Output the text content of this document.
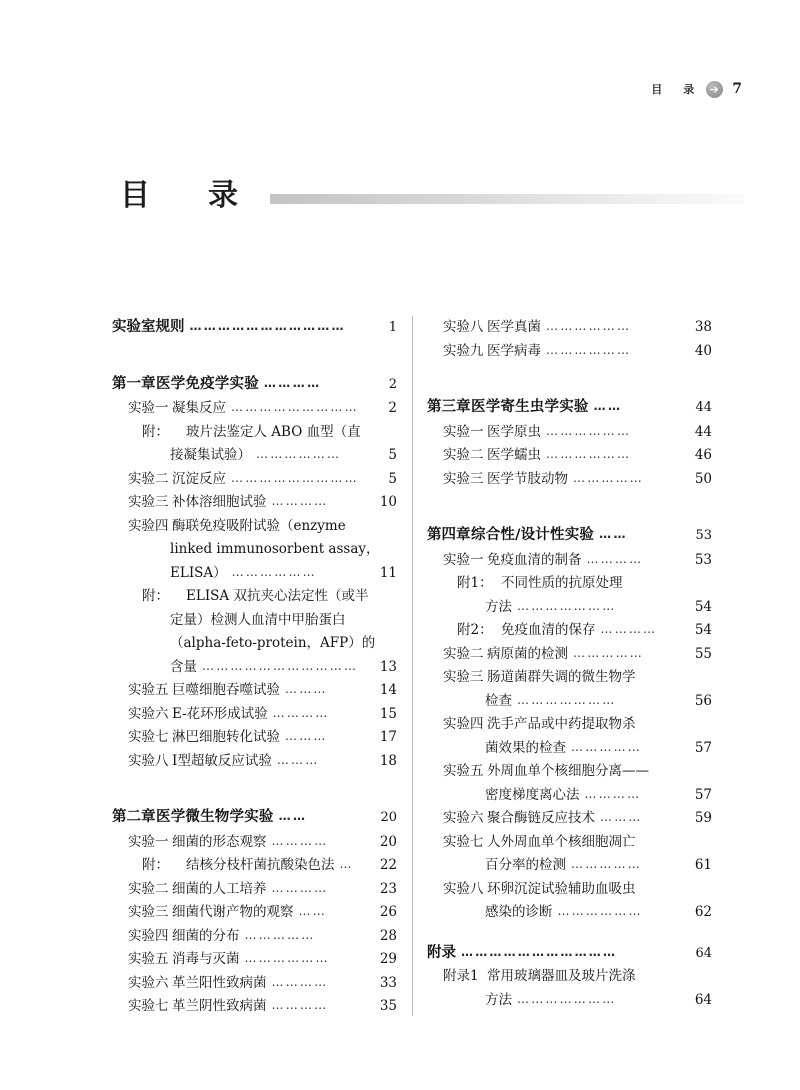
目　录 7
目　录
实验室规则 ……………………………	1
第一章 医学免疫学实验 …………	2
实验一 凝集反应 ………………………	2
附：	玻片法鉴定人 ABO 血型（直
接凝集试验） ………………	5
实验二 沉淀反应 ………………………	5
实验三 补体溶细胞试验 …………	10
实验四 酶联免疫吸附试验（enzyme
linked immunosorbent assay，
ELISA） ………………	11
附：	ELISA 双抗夹心法定性（或半
定量）检测人血清中甲胎蛋白
（alpha-feto-protein，AFP）的
含量 ……………………………	13
实验五 巨噬细胞吞噬试验 ………	14
实验六 E-花环形成试验 …………	15
实验七 淋巴细胞转化试验 ………	17
实验八 Ⅰ型超敏反应试验 ………	18
第二章 医学微生物学实验 ……	20
实验一 细菌的形态观察 …………	20
附：	结核分枝杆菌抗酸染色法 …	22
实验二 细菌的人工培养 …………	23
实验三 细菌代谢产物的观察 ……	26
实验四 细菌的分布 ……………	28
实验五 消毒与灭菌 ………………	29
实验六 革兰阳性致病菌 …………	33
实验七 革兰阴性致病菌 …………	35
实验八 医学真菌 ………………	38
实验九 医学病毒 ………………	40
第三章 医学寄生虫学实验 ……	44
实验一 医学原虫 ………………	44
实验二 医学蠕虫 ………………	46
实验三 医学节肢动物 ……………	50
第四章 综合性/设计性实验 ……	53
实验一 免疫血清的制备 …………	53
附1： 不同性质的抗原处理
方法 …………………	54
附2： 免疫血清的保存 …………	54
实验二 病原菌的检测 ……………	55
实验三 肠道菌群失调的微生物学
检查 …………………	56
实验四 洗手产品或中药提取物杀
菌效果的检查 ……………	57
实验五 外周血单个核细胞分离——
密度梯度离心法 …………	57
实验六 聚合酶链反应技术 ………	59
实验七 人外周血单个核细胞凋亡
百分率的检测 ……………	61
实验八 环卵沉淀试验辅助血吸虫
感染的诊断 ………………	62
附录 ……………………………	64
附录1 常用玻璃器皿及玻片洗涤
方法 …………………	64
